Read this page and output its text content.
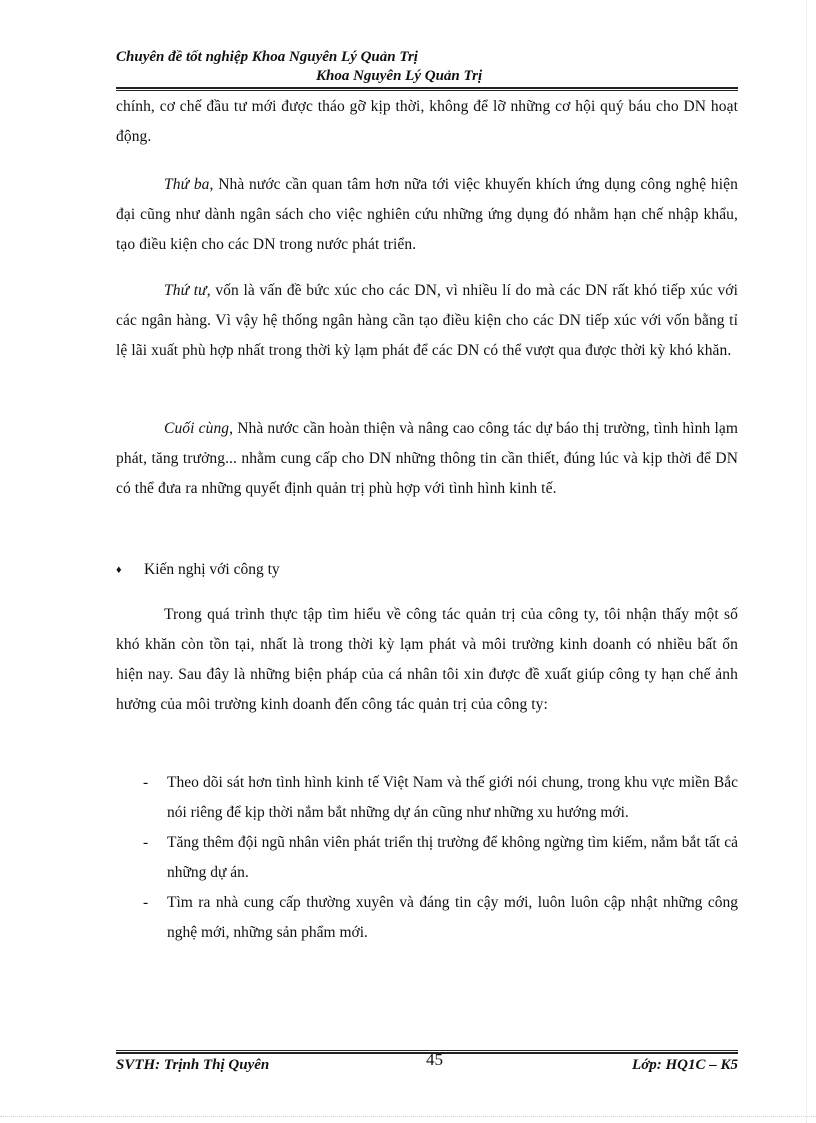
Chuyên đề tốt nghiệp Khoa Nguyên Lý Quản Trị
Khoa Nguyên Lý Quản Trị

chính, cơ chế đầu tư mới được tháo gỡ kịp thời, không để lỡ những cơ hội quý báu cho DN hoạt động.

Thứ ba, Nhà nước cần quan tâm hơn nữa tới việc khuyến khích ứng dụng công nghệ hiện đại cũng như dành ngân sách cho việc nghiên cứu những ứng dụng đó nhằm hạn chế nhập khẩu, tạo điều kiện cho các DN trong nước phát triển.

Thứ tư, vốn là vấn đề bức xúc cho các DN, vì nhiều lí do mà các DN rất khó tiếp xúc với các ngân hàng. Vì vậy hệ thống ngân hàng cần tạo điều kiện cho các DN tiếp xúc với vốn bằng tỉ lệ lãi xuất phù hợp nhất trong thời kỳ lạm phát để các DN có thể vượt qua được thời kỳ khó khăn.

Cuối cùng, Nhà nước cần hoàn thiện và nâng cao công tác dự báo thị trường, tình hình lạm phát, tăng trưởng... nhằm cung cấp cho DN những thông tin cần thiết, đúng lúc và kịp thời để DN có thể đưa ra những quyết định quản trị phù hợp với tình hình kinh tế.

♦ Kiến nghị với công ty

Trong quá trình thực tập tìm hiểu về công tác quản trị của công ty, tôi nhận thấy một số khó khăn còn tồn tại, nhất là trong thời kỳ lạm phát và môi trường kinh doanh có nhiều bất ổn hiện nay. Sau đây là những biện pháp của cá nhân tôi xin được đề xuất giúp công ty hạn chế ảnh hưởng của môi trường kinh doanh đến công tác quản trị của công ty:

- Theo dõi sát hơn tình hình kinh tế Việt Nam và thế giới nói chung, trong khu vực miền Bắc nói riêng để kịp thời nắm bắt những dự án cũng như những xu hướng mới.
- Tăng thêm đội ngũ nhân viên phát triển thị trường để không ngừng tìm kiếm, nắm bắt tất cả những dự án.
- Tìm ra nhà cung cấp thường xuyên và đáng tin cậy mới, luôn luôn cập nhật những công nghệ mới, những sản phẩm mới.
SVTH: Trịnh Thị Quyên	45	Lớp: HQ1C – K5
